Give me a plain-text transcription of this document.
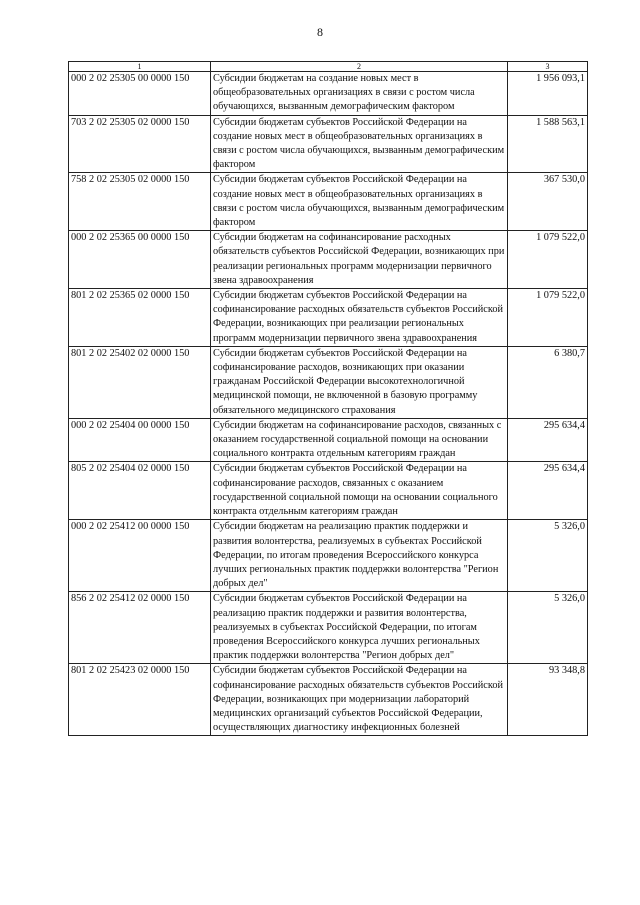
8
1	2	3
000 2 02 25305 00 0000 150	Субсидии бюджетам на создание новых мест в общеобразовательных организациях в связи с ростом числа обучающихся, вызванным демографическим фактором	1 956 093,1
703 2 02 25305 02 0000 150	Субсидии бюджетам субъектов Российской Федерации на создание новых мест в общеобразовательных организациях в связи с ростом числа обучающихся, вызванным демографическим фактором	1 588 563,1
758 2 02 25305 02 0000 150	Субсидии бюджетам субъектов Российской Федерации на создание новых мест в общеобразовательных организациях в связи с ростом числа обучающихся, вызванным демографическим фактором	367 530,0
000 2 02 25365 00 0000 150	Субсидии бюджетам на софинансирование расходных обязательств субъектов Российской Федерации, возникающих при реализации региональных программ модернизации первичного звена здравоохранения	1 079 522,0
801 2 02 25365 02 0000 150	Субсидии бюджетам субъектов Российской Федерации на софинансирование расходных обязательств субъектов Российской Федерации, возникающих при реализации региональных программ модернизации первичного звена здравоохранения	1 079 522,0
801 2 02 25402 02 0000 150	Субсидии бюджетам субъектов Российской Федерации на софинансирование расходов, возникающих при оказании гражданам Российской Федерации высокотехнологичной медицинской помощи, не включенной в базовую программу обязательного медицинского страхования	6 380,7
000 2 02 25404 00 0000 150	Субсидии бюджетам на софинансирование расходов, связанных с оказанием государственной социальной помощи на основании социального контракта отдельным категориям граждан	295 634,4
805 2 02 25404 02 0000 150	Субсидии бюджетам субъектов Российской Федерации на софинансирование расходов, связанных с оказанием государственной социальной помощи на основании социального контракта отдельным категориям граждан	295 634,4
000 2 02 25412 00 0000 150	Субсидии бюджетам на реализацию практик поддержки и развития волонтерства, реализуемых в субъектах Российской Федерации, по итогам проведения Всероссийского конкурса лучших региональных практик поддержки волонтерства "Регион добрых дел"	5 326,0
856 2 02 25412 02 0000 150	Субсидии бюджетам субъектов Российской Федерации на реализацию практик поддержки и развития волонтерства, реализуемых в субъектах Российской Федерации, по итогам проведения Всероссийского конкурса лучших региональных практик поддержки волонтерства "Регион добрых дел"	5 326,0
801 2 02 25423 02 0000 150	Субсидии бюджетам субъектов Российской Федерации на софинансирование расходных обязательств субъектов Российской Федерации, возникающих при модернизации лабораторий медицинских организаций субъектов Российской Федерации, осуществляющих диагностику инфекционных болезней	93 348,8
